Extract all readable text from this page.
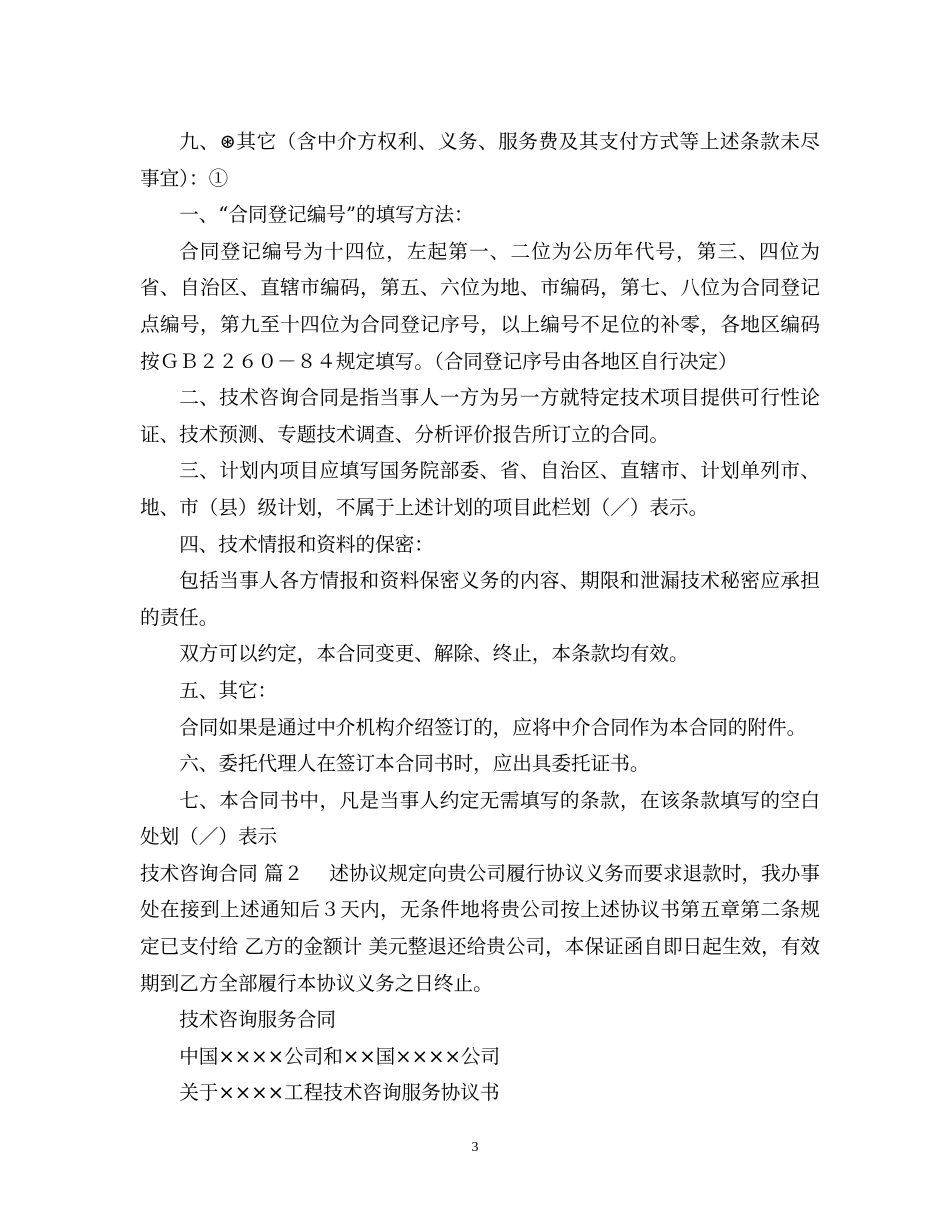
九、⊛其它（含中介方权利、义务、服务费及其支付方式等上述条款未尽事宜）：①

一、“合同登记编号”的填写方法：

合同登记编号为十四位，左起第一、二位为公历年代号，第三、四位为省、自治区、直辖市编码，第五、六位为地、市编码，第七、八位为合同登记点编号，第九至十四位为合同登记序号，以上编号不足位的补零，各地区编码按ＧＢ２２６０－８４规定填写。（合同登记序号由各地区自行决定）

二、技术咨询合同是指当事人一方为另一方就特定技术项目提供可行性论证、技术预测、专题技术调查、分析评价报告所订立的合同。

三、计划内项目应填写国务院部委、省、自治区、直辖市、计划单列市、地、市（县）级计划，不属于上述计划的项目此栏划（／）表示。

四、技术情报和资料的保密：

包括当事人各方情报和资料保密义务的内容、期限和泄漏技术秘密应承担的责任。

双方可以约定，本合同变更、解除、终止，本条款均有效。

五、其它：

合同如果是通过中介机构介绍签订的，应将中介合同作为本合同的附件。

六、委托代理人在签订本合同书时，应出具委托证书。

七、本合同书中，凡是当事人约定无需填写的条款，在该条款填写的空白处划（／）表示

技术咨询合同 篇２ 述协议规定向贵公司履行协议义务而要求退款时，我办事处在接到上述通知后３天内，无条件地将贵公司按上述协议书第五章第二条规定已支付给 乙方的金额计 美元整退还给贵公司，本保证函自即日起生效，有效期到乙方全部履行本协议义务之日终止。

技术咨询服务合同

中国××××公司和××国××××公司

关于××××工程技术咨询服务协议书

3
